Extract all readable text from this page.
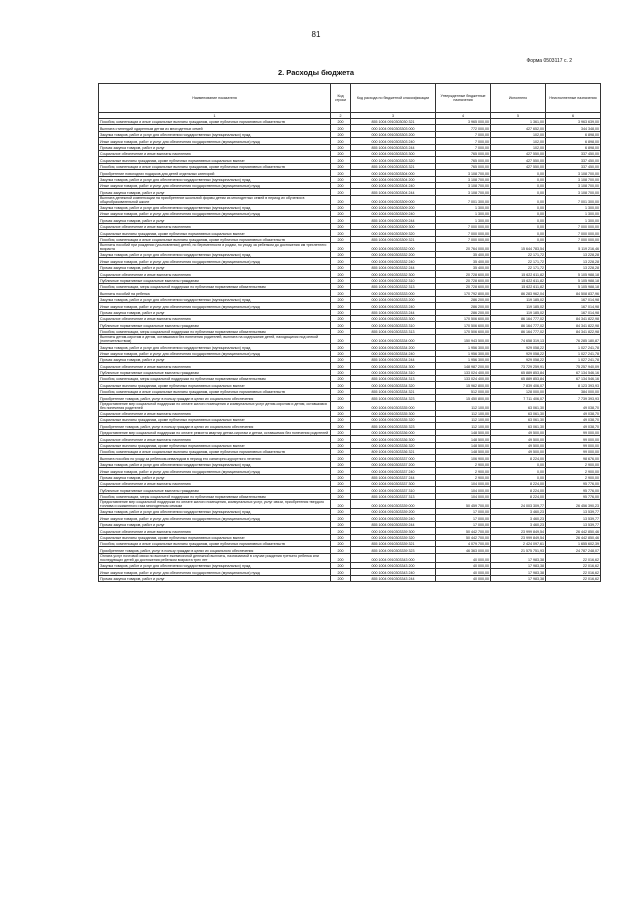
81
Форма 0503117 с. 2
2. Расходы бюджета
Наименование показателя	Код строки	Код расхода по бюджетной классификации	Утвержденные бюджетные назначения	Исполнено	Неисполненные назначения
1	2	3	4	5	6
Пособия, компенсации и иные социальные выплаты гражданам, кроме публичных нормативных обязательств	200	855 1004 0910303030 321	3 965 000,00	1 361,00	3 963 639,00
Выплата стипендий одаренным детям из многодетных семей	200	000 1004 0910303303 000	772 000,00	427 652,00	344 348,00
Закупка товаров, работ и услуг для обеспечения государственных (муниципальных) нужд	200	000 1004 0910303303 200	7 000,00	102,00	6 898,00
Иные закупки товаров, работ и услуг для обеспечения государственных (муниципальных) нужд	200	000 1004 0910303303 240	7 000,00	102,00	6 898,00
Прочая закупка товаров, работ и услуг	200	855 1004 0910303303 244	7 000,00	102,00	6 898,00
Социальное обеспечение и иные выплаты населению	200	000 1004 0910303303 300	765 000,00	427 550,00	337 450,00
Социальные выплаты гражданам, кроме публичных нормативных социальных выплат	200	000 1004 0910303303 320	765 000,00	427 550,00	337 450,00
Пособия, компенсации и иные социальные выплаты гражданам, кроме публичных нормативных обязательств	200	855 1004 0910303303 321	765 000,00	427 550,00	337 450,00
Приобретение новогодних подарков для детей отдельных категорий	200	000 1004 0910303304 000	3 108 700,00	0,00	3 108 700,00
Закупка товаров, работ и услуг для обеспечения государственных (муниципальных) нужд	200	000 1004 0910303304 200	3 108 700,00	0,00	3 108 700,00
Иные закупки товаров, работ и услуг для обеспечения государственных (муниципальных) нужд	200	000 1004 0910303304 240	3 108 700,00	0,00	3 108 700,00
Прочая закупка товаров, работ и услуг	200	855 1004 0910303304 244	3 108 700,00	0,00	3 108 700,00
Выплата денежной компенсации на приобретение школьной формы детям из многодетных семей в период их обучения в общеобразовательной школе	200	000 1004 0910303309 000	7 001 300,00	0,00	7 001 300,00
Закупка товаров, работ и услуг для обеспечения государственных (муниципальных) нужд	200	000 1004 0910303309 200	1 300,00	0,00	1 300,00
Иные закупки товаров, работ и услуг для обеспечения государственных (муниципальных) нужд	200	000 1004 0910303309 240	1 300,00	0,00	1 300,00
Прочая закупка товаров, работ и услуг	200	855 1004 0910303309 244	1 300,00	0,00	1 300,00
Социальное обеспечение и иные выплаты населению	200	000 1004 0910303309 300	7 000 000,00	0,00	7 000 000,00
Социальные выплаты гражданам, кроме публичных нормативных социальных выплат	200	000 1004 0910303309 320	7 000 000,00	0,00	7 000 000,00
Пособия, компенсации и иные социальные выплаты гражданам, кроме публичных нормативных обязательств	200	855 1004 0910303309 321	7 000 000,00	0,00	7 000 000,00
Выплаты пособий при рождении (усыновлении) детей, по беременности и родам, по уходу за ребенком до достижения им трехлетнего возраста	200	000 1004 0910303332 000	20 764 000,00	15 644 783,54	5 119 216,46
Закупка товаров, работ и услуг для обеспечения государственных (муниципальных) нужд	200	000 1004 0910303332 200	35 400,00	22 171,72	13 228,28
Иные закупки товаров, работ и услуг для обеспечения государственных (муниципальных) нужд	200	000 1004 0910303332 240	35 400,00	22 171,72	13 228,28
Прочая закупка товаров, работ и услуг	200	855 1004 0910303332 244	35 400,00	22 171,72	13 228,28
Социальное обеспечение и иные выплаты населению	200	000 1004 0910303332 300	20 728 600,00	15 622 611,82	5 105 988,18
Публичные нормативные социальные выплаты гражданам	200	000 1004 0910303332 310	20 728 600,00	15 622 611,82	5 105 988,18
Пособия, компенсации, меры социальной поддержки по публичным нормативным обязательствам	200	855 1004 0910303332 313	20 728 600,00	15 622 611,82	5 105 988,18
Выплаты пособий на ребенка	200	000 1004 0910303333 000	170 792 800,00	86 283 962,04	84 508 837,96
Закупка товаров, работ и услуг для обеспечения государственных (муниципальных) нужд	200	000 1004 0910303333 200	286 200,00	119 185,02	167 014,98
Иные закупки товаров, работ и услуг для обеспечения государственных (муниципальных) нужд	200	000 1004 0910303333 240	286 200,00	119 185,02	167 014,98
Прочая закупка товаров, работ и услуг	200	855 1004 0910303333 244	286 200,00	119 185,02	167 014,98
Социальное обеспечение и иные выплаты населению	200	000 1004 0910303333 300	170 506 600,00	86 164 777,02	84 341 822,98
Публичные нормативные социальные выплаты гражданам	200	000 1004 0910303333 310	170 506 600,00	86 164 777,02	84 341 822,98
Пособия, компенсации, меры социальной поддержки по публичным нормативным обязательствам	200	855 1004 0910303333 313	170 506 600,00	86 164 777,02	84 341 822,98
Выплаты детям-сиротам и детям, оставшимся без попечения родителей, выплата на содержание детей, находящихся под опекой (попечительством)	200	000 1004 0910303334 000	150 943 500,00	74 658 319,13	76 285 180,87
Закупка товаров, работ и услуг для обеспечения государственных (муниципальных) нужд	200	000 1004 0910303334 200	1 956 300,00	929 058,22	1 027 241,78
Иные закупки товаров, работ и услуг для обеспечения государственных (муниципальных) нужд	200	000 1004 0910303334 240	1 956 300,00	929 058,22	1 027 241,78
Прочая закупка товаров, работ и услуг	200	855 1004 0910303334 244	1 956 300,00	929 058,22	1 027 241,78
Социальное обеспечение и иные выплаты населению	200	000 1004 0910303334 300	148 987 200,00	73 729 259,91	75 257 940,09
Публичные нормативные социальные выплаты гражданам	200	000 1004 0910303334 310	133 024 400,00	65 889 853,84	67 134 546,16
Пособия, компенсации, меры социальной поддержки по публичным нормативным обязательствам	200	855 1004 0910303334 313	133 024 400,00	65 889 853,84	67 134 546,16
Социальные выплаты гражданам, кроме публичных нормативных социальных выплат	200	000 1004 0910303334 320	15 962 800,00	7 839 406,07	8 123 393,93
Пособия, компенсации и иные социальные выплаты гражданам, кроме публичных нормативных обязательств	200	855 1004 0910303334 321	512 000,00	128 000,00	384 000,00
Приобретение товаров, работ, услуг в пользу граждан в целях их социального обеспечения	200	855 1004 0910303334 323	15 450 800,00	7 711 406,07	7 739 393,93
Предоставление мер социальной поддержки по оплате жилого помещения и коммунальных услуг детям-сиротам и детям, оставшимся без попечения родителей	200	000 1004 0910303335 000	112 100,00	63 061,30	49 038,70
Социальное обеспечение и иные выплаты населению	200	000 1004 0910303335 300	112 100,00	63 061,30	49 038,70
Социальные выплаты гражданам, кроме публичных нормативных социальных выплат	200	000 1004 0910303335 320	112 100,00	63 061,30	49 038,70
Приобретение товаров, работ, услуг в пользу граждан в целях их социального обеспечения	200	855 1004 0910303335 323	112 100,00	63 061,30	49 038,70
Предоставление мер социальной поддержки по оплате ремонта квартир детям-сиротам и детям, оставшимся без попечения родителей	200	000 1004 0910303336 000	148 500,00	49 500,00	99 000,00
Социальное обеспечение и иные выплаты населению	200	000 1004 0910303336 300	148 500,00	49 500,00	99 000,00
Социальные выплаты гражданам, кроме публичных нормативных социальных выплат	200	000 1004 0910303336 320	148 500,00	49 500,00	99 000,00
Пособия, компенсации и иные социальные выплаты гражданам, кроме публичных нормативных обязательств	200	809 1004 0910303336 321	148 500,00	49 500,00	99 000,00
Выплата пособия по уходу за ребенком-инвалидом в период его санаторно-курортного лечения	200	000 1004 0910303337 000	106 900,00	8 224,00	98 676,00
Закупка товаров, работ и услуг для обеспечения государственных (муниципальных) нужд	200	000 1004 0910303337 200	2 900,00	0,00	2 900,00
Иные закупки товаров, работ и услуг для обеспечения государственных (муниципальных) нужд	200	000 1004 0910303337 240	2 900,00	0,00	2 900,00
Прочая закупка товаров, работ и услуг	200	855 1004 0910303337 244	2 900,00	0,00	2 900,00
Социальное обеспечение и иные выплаты населению	200	000 1004 0910303337 300	104 000,00	8 224,00	95 776,00
Публичные нормативные социальные выплаты гражданам	200	000 1004 0910303337 310	104 000,00	8 224,00	95 776,00
Пособия, компенсации, меры социальной поддержки по публичным нормативным обязательствам	200	855 1004 0910303337 313	104 000,00	8 224,00	95 776,00
Предоставление мер социальной поддержки по оплате жилого помещения, коммунальных услуг, услуг связи, приобретения твердого топлива и сжиженного газа многодетным семьям	200	000 1004 0910303339 000	50 459 700,00	24 003 309,77	26 456 390,23
Закупка товаров, работ и услуг для обеспечения государственных (муниципальных) нужд	200	000 1004 0910303339 200	17 000,00	3 460,23	13 539,77
Иные закупки товаров, работ и услуг для обеспечения государственных (муниципальных) нужд	200	000 1004 0910303339 240	17 000,00	3 460,23	13 539,77
Прочая закупка товаров, работ и услуг	200	855 1004 0910303339 244	17 000,00	3 460,23	13 539,77
Социальное обеспечение и иные выплаты населению	200	000 1004 0910303339 300	50 442 700,00	23 999 849,54	26 442 850,46
Социальные выплаты гражданам, кроме публичных нормативных социальных выплат	200	000 1004 0910303339 320	50 442 700,00	23 999 849,54	26 442 850,46
Пособия, компенсации и иные социальные выплаты гражданам, кроме публичных нормативных обязательств	200	855 1004 0910303339 321	4 079 700,00	2 424 097,61	1 655 602,39
Приобретение товаров, работ, услуг в пользу граждан в целях их социального обеспечения	200	855 1004 0910303339 323	46 363 000,00	21 575 751,93	24 787 248,07
Оплата услуг почтовой связи по выплате ежемесячной денежной выплаты, назначаемой в случае рождения третьего ребенка или последующих детей до достижения ребенком возраста трех лет	200	000 1004 0910303343 000	40 000,00	17 983,38	22 016,62
Закупка товаров, работ и услуг для обеспечения государственных (муниципальных) нужд	200	000 1004 0910303343 200	40 000,00	17 983,38	22 016,62
Иные закупки товаров, работ и услуг для обеспечения государственных (муниципальных) нужд	200	000 1004 0910303343 240	40 000,00	17 983,38	22 016,62
Прочая закупка товаров, работ и услуг	200	855 1004 0910303343 244	40 000,00	17 983,38	22 016,62
